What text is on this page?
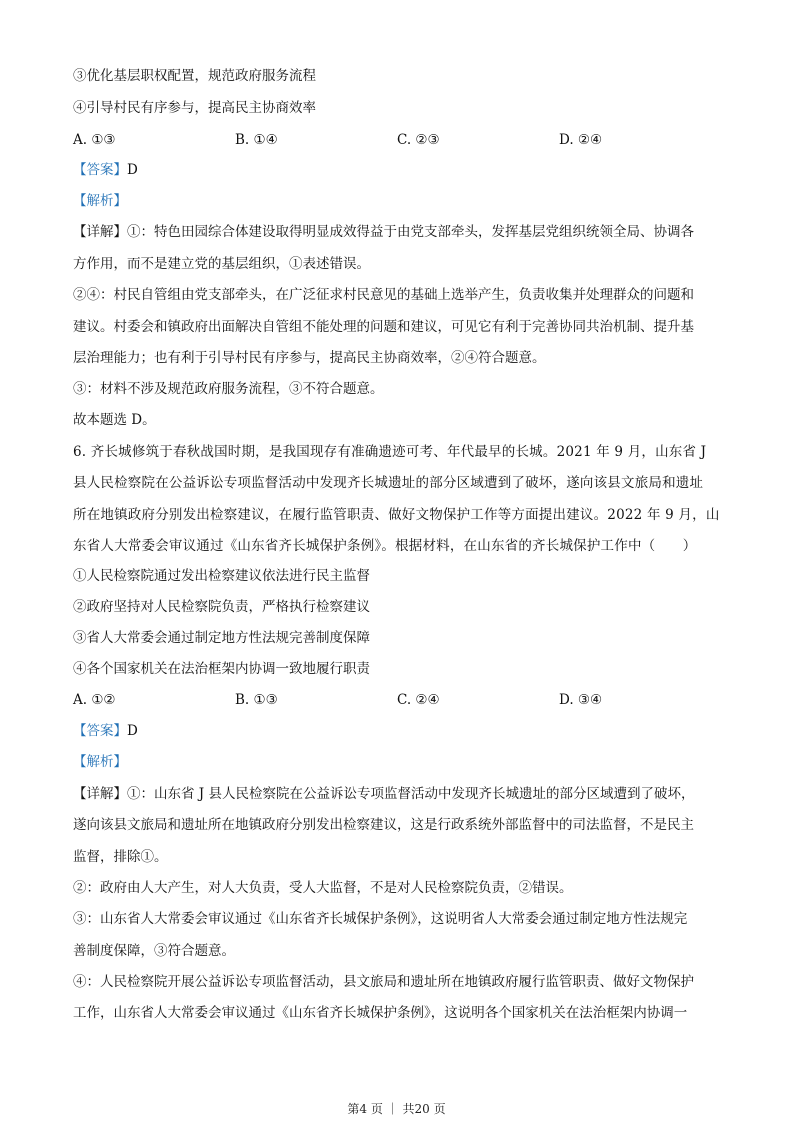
③优化基层职权配置，规范政府服务流程
④引导村民有序参与，提高民主协商效率
A. ①③	B. ①④	C. ②③	D. ②④
【答案】D
【解析】
【详解】①：特色田园综合体建设取得明显成效得益于由党支部牵头，发挥基层党组织统领全局、协调各
方作用，而不是建立党的基层组织，①表述错误。
②④：村民自管组由党支部牵头，在广泛征求村民意见的基础上选举产生，负责收集并处理群众的问题和
建议。村委会和镇政府出面解决自管组不能处理的问题和建议，可见它有利于完善协同共治机制、提升基
层治理能力；也有利于引导村民有序参与，提高民主协商效率，②④符合题意。
③：材料不涉及规范政府服务流程，③不符合题意。
故本题选 D。
6. 齐长城修筑于春秋战国时期，是我国现存有准确遗迹可考、年代最早的长城。2021 年 9 月，山东省 J
县人民检察院在公益诉讼专项监督活动中发现齐长城遗址的部分区域遭到了破坏，遂向该县文旅局和遗址
所在地镇政府分别发出检察建议，在履行监管职责、做好文物保护工作等方面提出建议。2022 年 9 月，山
东省人大常委会审议通过《山东省齐长城保护条例》。根据材料，在山东省的齐长城保护工作中（　　）
①人民检察院通过发出检察建议依法进行民主监督
②政府坚持对人民检察院负责，严格执行检察建议
③省人大常委会通过制定地方性法规完善制度保障
④各个国家机关在法治框架内协调一致地履行职责
A. ①②	B. ①③	C. ②④	D. ③④
【答案】D
【解析】
【详解】①：山东省 J 县人民检察院在公益诉讼专项监督活动中发现齐长城遗址的部分区域遭到了破坏，
遂向该县文旅局和遗址所在地镇政府分别发出检察建议，这是行政系统外部监督中的司法监督，不是民主
监督，排除①。
②：政府由人大产生，对人大负责，受人大监督，不是对人民检察院负责，②错误。
③：山东省人大常委会审议通过《山东省齐长城保护条例》，这说明省人大常委会通过制定地方性法规完
善制度保障，③符合题意。
④：人民检察院开展公益诉讼专项监督活动，县文旅局和遗址所在地镇政府履行监管职责、做好文物保护
工作，山东省人大常委会审议通过《山东省齐长城保护条例》，这说明各个国家机关在法治框架内协调一
第4 页 ｜ 共20 页
